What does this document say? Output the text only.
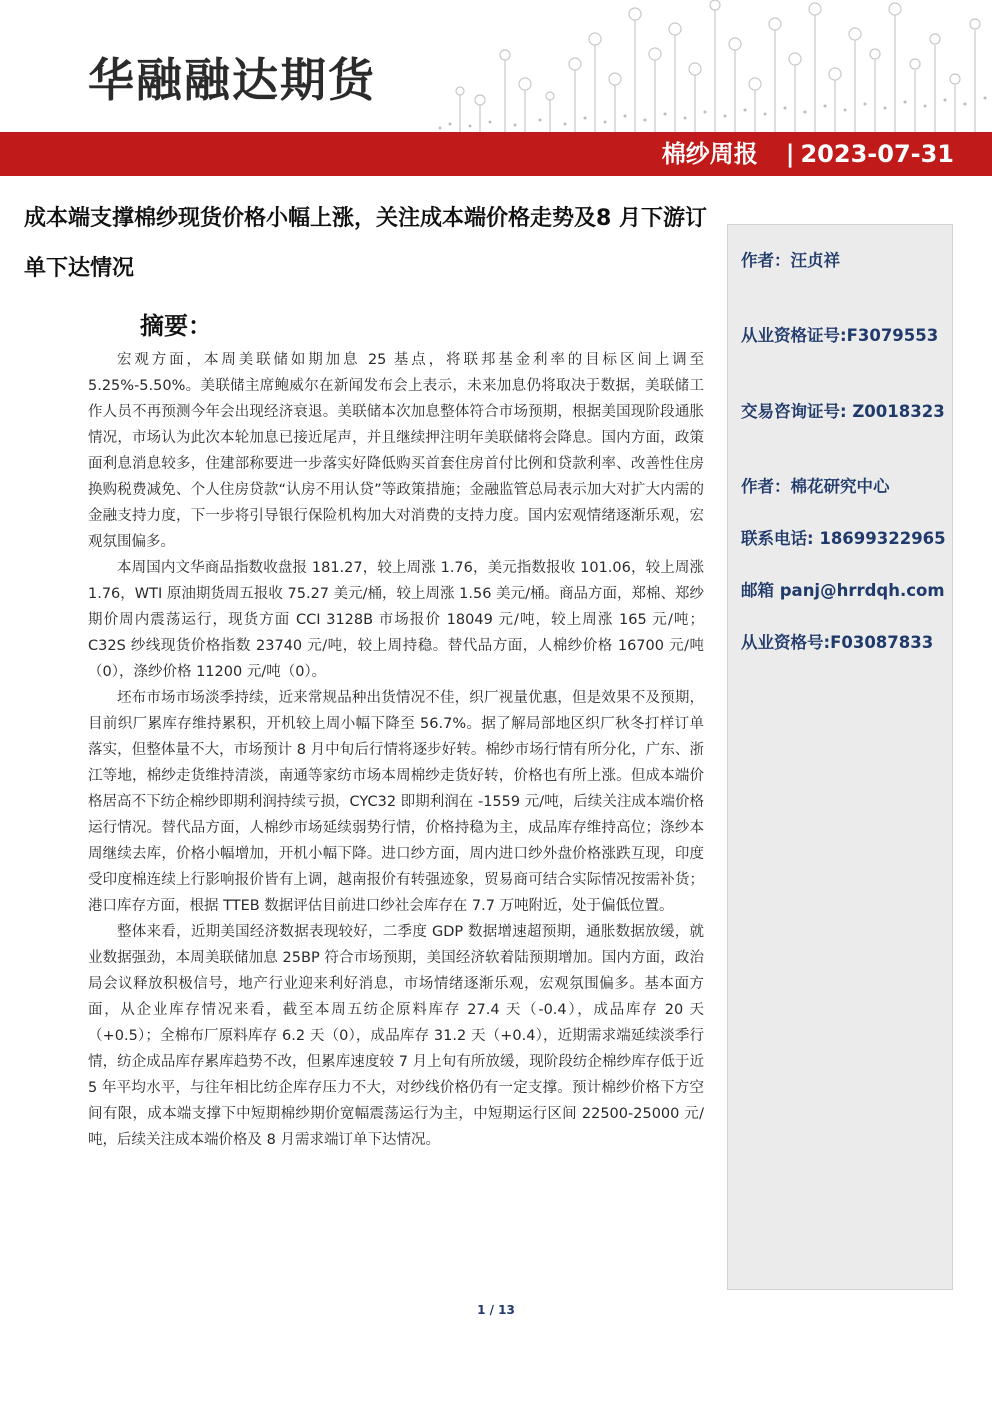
华融融达期货
棉纱周报 | 2023-07-31
成本端支撑棉纱现货价格小幅上涨，关注成本端价格走势及8 月下游订单下达情况
摘要：

宏观方面，本周美联储如期加息 25 基点，将联邦基金利率的目标区间上调至 5.25%-5.50%。美联储主席鲍威尔在新闻发布会上表示，未来加息仍将取决于数据，美联储工作人员不再预测今年会出现经济衰退。美联储本次加息整体符合市场预期，根据美国现阶段通胀情况，市场认为此次本轮加息已接近尾声，并且继续押注明年美联储将会降息。国内方面，政策面利息消息较多，住建部称要进一步落实好降低购买首套住房首付比例和贷款利率、改善性住房换购税费减免、个人住房贷款“认房不用认贷”等政策措施；金融监管总局表示加大对扩大内需的金融支持力度，下一步将引导银行保险机构加大对消费的支持力度。国内宏观情绪逐渐乐观，宏观氛围偏多。

本周国内文华商品指数收盘报 181.27，较上周涨 1.76，美元指数报收 101.06，较上周涨 1.76，WTI 原油期货周五报收 75.27 美元/桶，较上周涨 1.56 美元/桶。商品方面，郑棉、郑纱期价周内震荡运行，现货方面 CCI 3128B 市场报价 18049 元/吨，较上周涨 165 元/吨；C32S 纱线现货价格指数 23740 元/吨，较上周持稳。替代品方面，人棉纱价格 16700 元/吨（0），涤纱价格 11200 元/吨（0）。

坯布市场市场淡季持续，近来常规品种出货情况不佳，织厂视量优惠，但是效果不及预期，目前织厂累库存维持累积，开机较上周小幅下降至 56.7%。据了解局部地区织厂秋冬打样订单落实，但整体量不大，市场预计 8 月中旬后行情将逐步好转。棉纱市场行情有所分化，广东、浙江等地，棉纱走货维持清淡，南通等家纺市场本周棉纱走货好转，价格也有所上涨。但成本端价格居高不下纺企棉纱即期利润持续亏损，CYC32 即期利润在 -1559 元/吨，后续关注成本端价格运行情况。替代品方面，人棉纱市场延续弱势行情，价格持稳为主，成品库存维持高位；涤纱本周继续去库，价格小幅增加，开机小幅下降。进口纱方面，周内进口纱外盘价格涨跌互现，印度受印度棉连续上行影响报价皆有上调，越南报价有转强迹象，贸易商可结合实际情况按需补货；港口库存方面，根据 TTEB 数据评估目前进口纱社会库存在 7.7 万吨附近，处于偏低位置。

整体来看，近期美国经济数据表现较好，二季度 GDP 数据增速超预期，通胀数据放缓，就业数据强劲，本周美联储加息 25BP 符合市场预期，美国经济软着陆预期增加。国内方面，政治局会议释放积极信号，地产行业迎来利好消息，市场情绪逐渐乐观，宏观氛围偏多。基本面方面，从企业库存情况来看，截至本周五纺企原料库存 27.4 天（-0.4），成品库存 20 天（+0.5）；全棉布厂原料库存 6.2 天（0），成品库存 31.2 天（+0.4），近期需求端延续淡季行情，纺企成品库存累库趋势不改，但累库速度较 7 月上旬有所放缓，现阶段纺企棉纱库存低于近 5 年平均水平，与往年相比纺企库存压力不大，对纱线价格仍有一定支撑。预计棉纱价格下方空间有限，成本端支撑下中短期棉纱期价宽幅震荡运行为主，中短期运行区间 22500-25000 元/吨，后续关注成本端价格及 8 月需求端订单下达情况。

作者：汪贞祥
从业资格证号:F3079553
交易咨询证号: Z0018323
作者：棉花研究中心
联系电话: 18699322965
邮箱 panj@hrrdqh.com
从业资格号:F03087833
1 / 13
